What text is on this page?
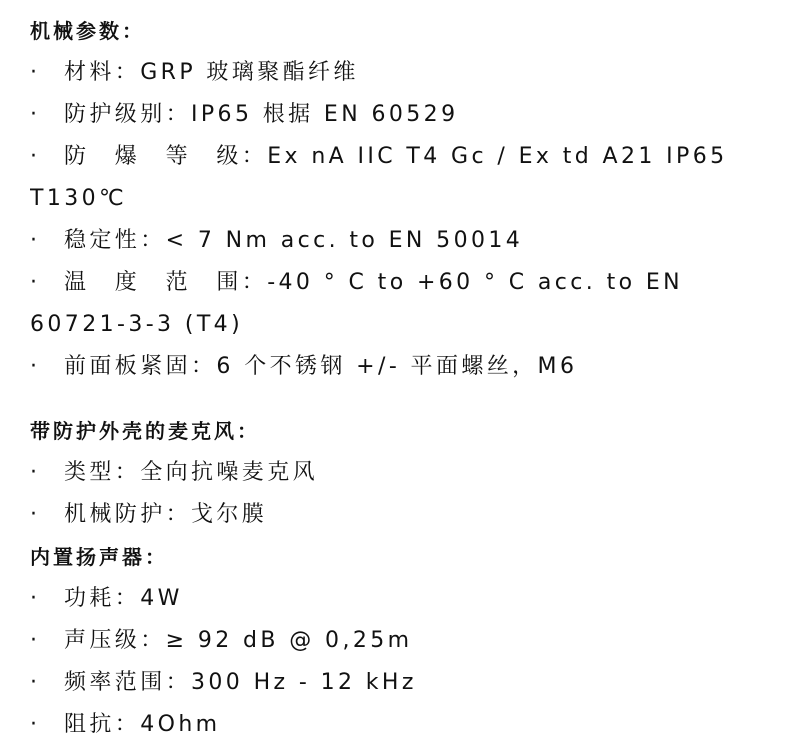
机械参数：
· 材料：GRP 玻璃聚酯纤维
· 防护级别：IP65 根据 EN 60529
· 防　爆　等　级：Ex nA IIC T4 Gc / Ex td A21 IP65 T130℃
· 稳定性：< 7 Nm acc. to EN 50014
· 温　度　范　围：-40 ° C to +60 ° C acc. to EN 60721-3-3 (T4)
· 前面板紧固：6 个不锈钢 +/- 平面螺丝，M6
带防护外壳的麦克风：
· 类型：全向抗噪麦克风
· 机械防护：戈尔膜
内置扬声器：
· 功耗：4W
· 声压级：≥ 92 dB @ 0,25m
· 频率范围：300 Hz - 12 kHz
· 阻抗：4Ohm
